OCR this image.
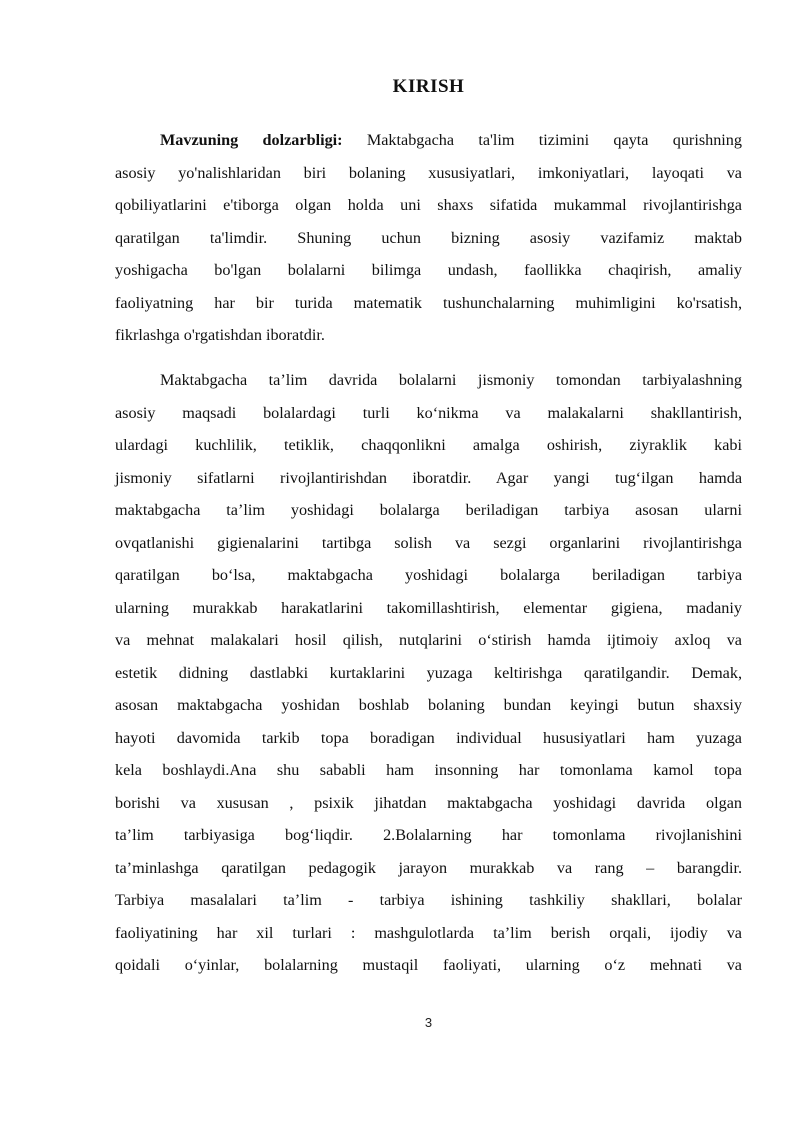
KIRISH
Mavzuning dolzarbligi: Maktabgacha ta'lim tizimini qayta qurishning
asosiy yo'nalishlaridan biri bolaning xususiyatlari, imkoniyatlari, layoqati va
qobiliyatlarini e'tiborga olgan holda uni shaxs sifatida mukammal rivojlantirishga
qaratilgan ta'limdir. Shuning uchun bizning asosiy vazifamiz maktab
yoshigacha bo'lgan bolalarni bilimga undash, faollikka chaqirish, amaliy
faoliyatning har bir turida matematik tushunchalarning muhimligini ko'rsatish,
fikrlashga o'rgatishdan iboratdir.
Maktabgacha ta’lim davrida bolalarni jismoniy tomondan tarbiyalashning
asosiy maqsadi bolalardagi turli ko‘nikma va malakalarni shakllantirish,
ulardagi kuchlilik, tetiklik, chaqqonlikni amalga oshirish, ziyraklik kabi
jismoniy sifatlarni rivojlantirishdan iboratdir. Agar yangi tug‘ilgan hamda
maktabgacha ta’lim yoshidagi bolalarga beriladigan tarbiya asosan ularni
ovqatlanishi gigienalarini tartibga solish va sezgi organlarini rivojlantirishga
qaratilgan bo‘lsa, maktabgacha yoshidagi bolalarga beriladigan tarbiya
ularning murakkab harakatlarini takomillashtirish, elementar gigiena, madaniy
va mehnat malakalari hosil qilish, nutqlarini o‘stirish hamda ijtimoiy axloq va
estetik didning dastlabki kurtaklarini yuzaga keltirishga qaratilgandir. Demak,
asosan maktabgacha yoshidan boshlab bolaning bundan keyingi butun shaxsiy
hayoti davomida tarkib topa boradigan individual hususiyatlari ham yuzaga
kela boshlaydi.Ana shu sababli ham insonning har tomonlama kamol topa
borishi va xususan , psixik jihatdan maktabgacha yoshidagi davrida olgan
ta’lim tarbiyasiga bog‘liqdir. 2.Bolalarning har tomonlama rivojlanishini
ta’minlashga qaratilgan pedagogik jarayon murakkab va rang – barangdir.
Tarbiya masalalari ta’lim - tarbiya ishining tashkiliy shakllari, bolalar
faoliyatining har xil turlari : mashgulotlarda ta’lim berish orqali, ijodiy va
qoidali o‘yinlar, bolalarning mustaqil faoliyati, ularning o‘z mehnati va
3
